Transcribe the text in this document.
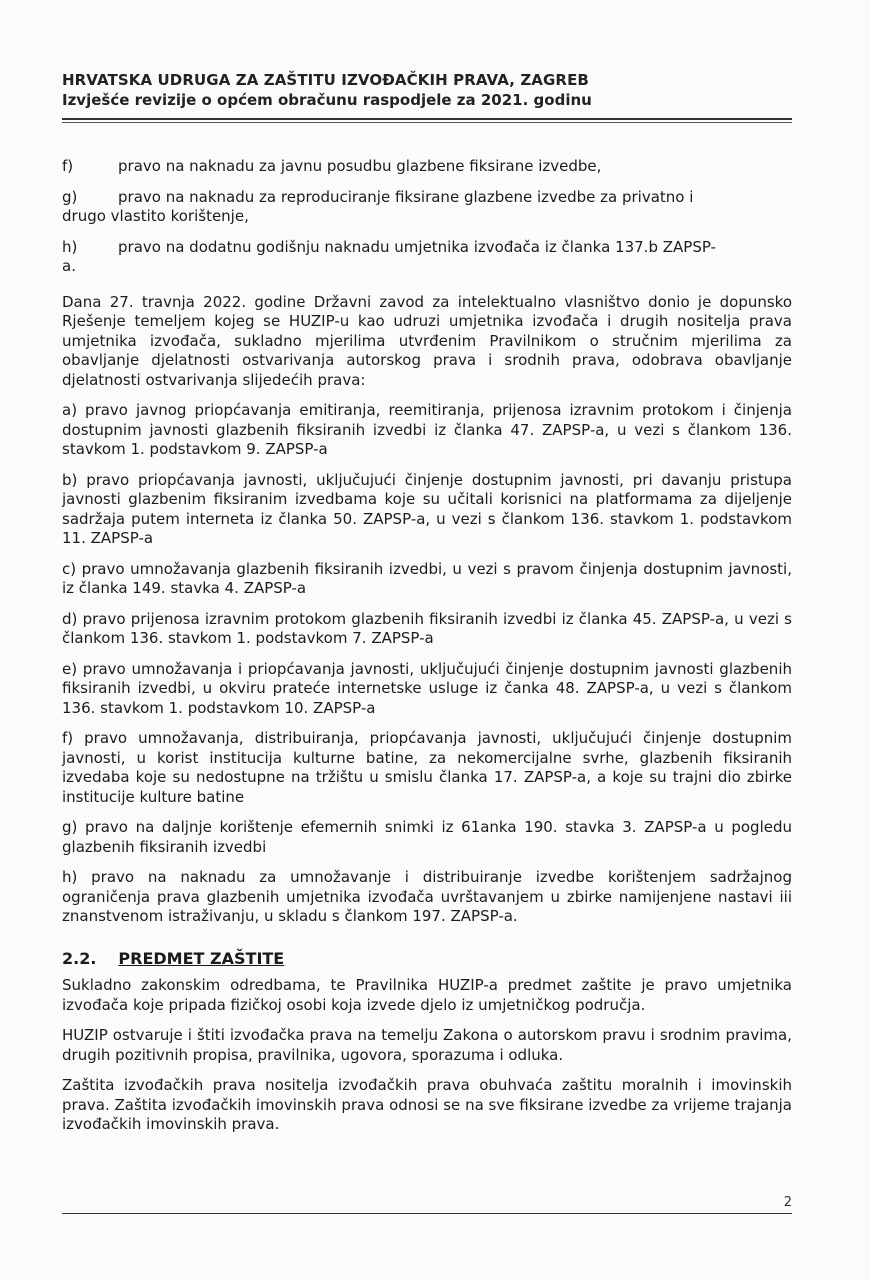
HRVATSKA UDRUGA ZA ZAŠTITU IZVOĐAČKIH PRAVA, ZAGREB
Izvješće revizije o općem obračunu raspodjele za 2021. godinu

f)	pravo na naknadu za javnu posudbu glazbene fiksirane izvedbe,

g)	pravo na naknadu za reproduciranje fiksirane glazbene izvedbe za privatno i
drugo vlastito korištenje,

h)	pravo na dodatnu godišnju naknadu umjetnika izvođača iz članka 137.b ZAPSP-
a.

Dana 27. travnja 2022. godine Državni zavod za intelektualno vlasništvo donio je dopunsko Rješenje temeljem kojeg se HUZIP-u kao udruzi umjetnika izvođača i drugih nositelja prava umjetnika izvođača, sukladno mjerilima utvrđenim Pravilnikom o stručnim mjerilima za obavljanje djelatnosti ostvarivanja autorskog prava i srodnih prava, odobrava obavljanje djelatnosti ostvarivanja slijedećih prava:

a) pravo javnog priopćavanja emitiranja, reemitiranja, prijenosa izravnim protokom i činjenja dostupnim javnosti glazbenih fiksiranih izvedbi iz članka 47. ZAPSP-a, u vezi s člankom 136. stavkom 1. podstavkom 9. ZAPSP-a

b) pravo priopćavanja javnosti, uključujući činjenje dostupnim javnosti, pri davanju pristupa javnosti glazbenim fiksiranim izvedbama koje su učitali korisnici na platformama za dijeljenje sadržaja putem interneta iz članka 50. ZAPSP-a, u vezi s člankom 136. stavkom 1. podstavkom 11. ZAPSP-a

c) pravo umnožavanja glazbenih fiksiranih izvedbi, u vezi s pravom činjenja dostupnim javnosti, iz članka 149. stavka 4. ZAPSP-a

d) pravo prijenosa izravnim protokom glazbenih fiksiranih izvedbi iz članka 45. ZAPSP-a, u vezi s člankom 136. stavkom 1. podstavkom 7. ZAPSP-a

e) pravo umnožavanja i priopćavanja javnosti, uključujući činjenje dostupnim javnosti glazbenih fiksiranih izvedbi, u okviru prateće internetske usluge iz čanka 48. ZAPSP-a, u vezi s člankom 136. stavkom 1. podstavkom 10. ZAPSP-a

f) pravo umnožavanja, distribuiranja, priopćavanja javnosti, uključujući činjenje dostupnim javnosti, u korist institucija kulturne batine, za nekomercijalne svrhe, glazbenih fiksiranih izvedaba koje su nedostupne na tržištu u smislu članka 17. ZAPSP-a, a koje su trajni dio zbirke institucije kulture batine

g) pravo na daljnje korištenje efemernih snimki iz 61anka 190. stavka 3. ZAPSP-a u pogledu glazbenih fiksiranih izvedbi

h) pravo na naknadu za umnožavanje i distribuiranje izvedbe korištenjem sadržajnog ograničenja prava glazbenih umjetnika izvođača uvrštavanjem u zbirke namijenjene nastavi iii znanstvenom istraživanju, u skladu s člankom 197. ZAPSP-a.

2.2. PREDMET ZAŠTITE

Sukladno zakonskim odredbama, te Pravilnika HUZIP-a predmet zaštite je pravo umjetnika izvođača koje pripada fizičkoj osobi koja izvede djelo iz umjetničkog područja.

HUZIP ostvaruje i štiti izvođačka prava na temelju Zakona o autorskom pravu i srodnim pravima, drugih pozitivnih propisa, pravilnika, ugovora, sporazuma i odluka.

Zaštita izvođačkih prava nositelja izvođačkih prava obuhvaća zaštitu moralnih i imovinskih prava. Zaštita izvođačkih imovinskih prava odnosi se na sve fiksirane izvedbe za vrijeme trajanja izvođačkih imovinskih prava.

2
